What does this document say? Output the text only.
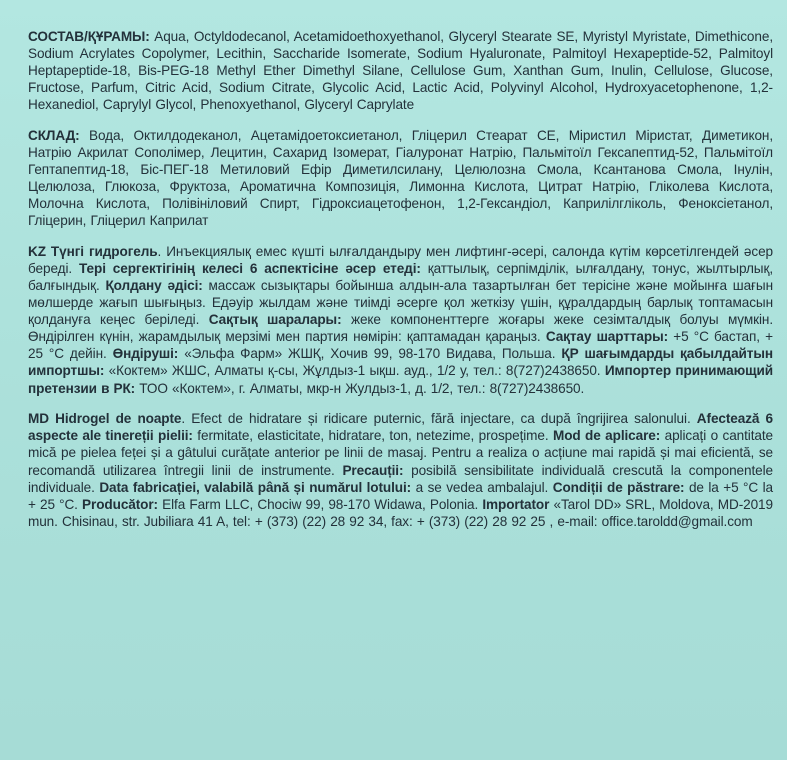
СОСТАВ/ҚҰРАМЫ: Aqua, Octyldodecanol, Acetamidoethoxyethanol, Glyceryl Stearate SE, Myristyl Myristate, Dimethicone, Sodium Acrylates Copolymer, Lecithin, Saccharide Isomerate, Sodium Hyaluronate, Palmitoyl Hexapeptide-52, Palmitoyl Heptapeptide-18, Bis-PEG-18 Methyl Ether Dimethyl Silane, Cellulose Gum, Xanthan Gum, Inulin, Cellulose, Glucose, Fructose, Parfum, Citric Acid, Sodium Citrate, Glycolic Acid, Lactic Acid, Polyvinyl Alcohol, Hydroxyacetophenone, 1,2-Hexanediol, Caprylyl Glycol, Phenoxyethanol, Glyceryl Caprylate

СКЛАД: Вода, Октилдодеканол, Ацетамідоетоксиетанол, Гліцерил Стеарат СЕ, Міристил Міристат, Диметикон, Натрію Акрилат Сополімер, Лецитин, Сахарид Ізомерат, Гіалуронат Натрію, Пальмітоїл Гексапептид-52, Пальмітоїл Гептапептид-18, Біс-ПЕГ-18 Метиловий Ефір Диметилсилану, Целюлозна Смола, Ксантанова Смола, Інулін, Целюлоза, Глюкоза, Фруктоза, Ароматична Композиція, Лимонна Кислота, Цитрат Натрію, Гліколева Кислота, Молочна Кислота, Полівініловий Спирт, Гідроксиацетофенон, 1,2-Гександіол, Каприлілгліколь, Феноксіетанол, Гліцерин, Гліцерил Каприлат

KZ Түнгі гидрогель. Инъекциялық емес күшті ылғалдандыру мен лифтинг-әсері, салонда күтім көрсетілгендей әсер береді. Тері сергектігінің келесі 6 аспектісіне әсер етеді: қаттылық, серпімділік, ылғалдану, тонус, жылтырлық, балғындық. Қолдану әдісі: массаж сызықтары бойынша алдын-ала тазартылған бет терісіне және мойынға шағын мөлшерде жағып шығыңыз. Едәуір жылдам және тиімді әсерге қол жеткізу үшін, құралдардың барлық топтамасын қолдануға кеңес беріледі. Сақтық шаралары: жеке компоненттерге жоғары жеке сезімталдық болуы мүмкін. Өндірілген күнін, жарамдылық мерзімі мен партия нөмірін: қаптамадан қараңыз. Сақтау шарттары: +5 °С бастап, + 25 °С дейін. Өндіруші: «Эльфа Фарм» ЖШҚ, Хочив 99, 98-170 Видава, Польша. ҚР шағымдарды қабылдайтын импортшы: «Коктем» ЖШС, Алматы қ-сы, Жұлдыз-1 ықш. ауд., 1/2 у, тел.: 8(727)2438650. Импортер принимающий претензии в РК: ТОО «Коктем», г. Алматы, мкр-н Жулдыз-1, д. 1/2, тел.: 8(727)2438650.

MD Hidrogel de noapte. Efect de hidratare și ridicare puternic, fără injectare, ca după îngrijirea salonului. Afectează 6 aspecte ale tinereții pielii: fermitate, elasticitate, hidratare, ton, netezime, prospețime. Mod de aplicare: aplicați o cantitate mică pe pielea feței și a gâtului curățate anterior pe linii de masaj. Pentru a realiza o acțiune mai rapidă și mai eficientă, se recomandă utilizarea întregii linii de instrumente. Precauții: posibilă sensibilitate individuală crescută la componentele individuale. Data fabricației, valabilă până și numărul lotului: a se vedea ambalajul. Condiții de păstrare: de la +5 °С la + 25 °С. Producător: Elfa Farm LLC, Chociw 99, 98-170 Widawa, Polonia. Importator «Tarol DD» SRL, Moldova, MD-2019 mun. Chisinau, str. Jubiliara 41 A, tel: + (373) (22) 28 92 34, fax: + (373) (22) 28 92 25 , e-mail: office.taroldd@gmail.com
